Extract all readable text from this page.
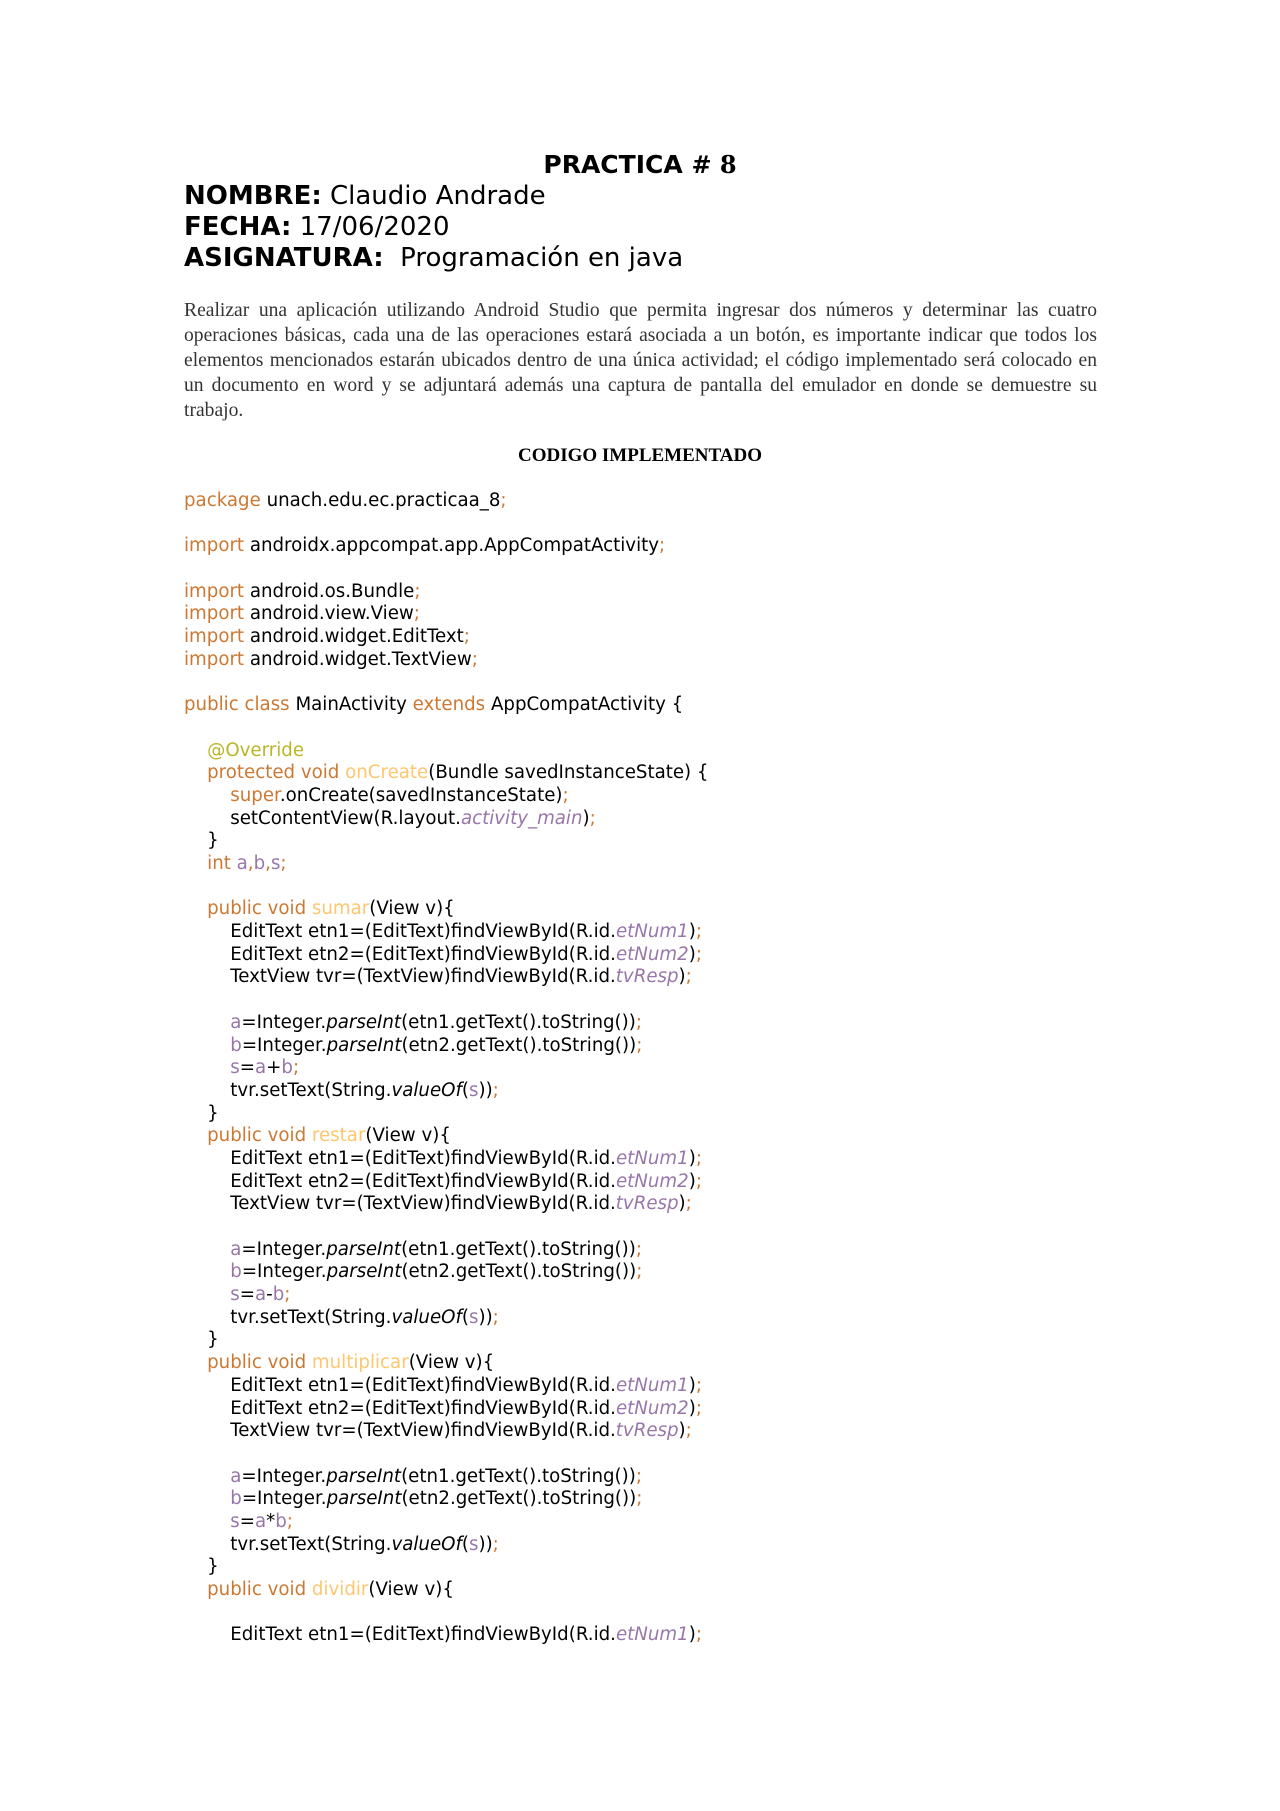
PRACTICA # 8
NOMBRE: Claudio Andrade
FECHA: 17/06/2020
ASIGNATURA:  Programación en java
Realizar una aplicación utilizando Android Studio que permita ingresar dos números y determinar las cuatro operaciones básicas, cada una de las operaciones estará asociada a un botón, es importante indicar que todos los elementos mencionados estarán ubicados dentro de una única actividad; el código implementado será colocado en un documento en word y se adjuntará además una captura de pantalla del emulador en donde se demuestre su trabajo.
CODIGO IMPLEMENTADO
package unach.edu.ec.practicaa_8;
import androidx.appcompat.app.AppCompatActivity;
import android.os.Bundle;
import android.view.View;
import android.widget.EditText;
import android.widget.TextView;
public class MainActivity extends AppCompatActivity {
@Override
protected void onCreate(Bundle savedInstanceState) {
super.onCreate(savedInstanceState);
setContentView(R.layout.activity_main);
}
int a,b,s;
public void sumar(View v){
EditText etn1=(EditText)findViewById(R.id.etNum1);
EditText etn2=(EditText)findViewById(R.id.etNum2);
TextView tvr=(TextView)findViewById(R.id.tvResp);
a=Integer.parseInt(etn1.getText().toString());
b=Integer.parseInt(etn2.getText().toString());
s=a+b;
tvr.setText(String.valueOf(s));
}
public void restar(View v){
EditText etn1=(EditText)findViewById(R.id.etNum1);
EditText etn2=(EditText)findViewById(R.id.etNum2);
TextView tvr=(TextView)findViewById(R.id.tvResp);
a=Integer.parseInt(etn1.getText().toString());
b=Integer.parseInt(etn2.getText().toString());
s=a-b;
tvr.setText(String.valueOf(s));
}
public void multiplicar(View v){
EditText etn1=(EditText)findViewById(R.id.etNum1);
EditText etn2=(EditText)findViewById(R.id.etNum2);
TextView tvr=(TextView)findViewById(R.id.tvResp);
a=Integer.parseInt(etn1.getText().toString());
b=Integer.parseInt(etn2.getText().toString());
s=a*b;
tvr.setText(String.valueOf(s));
}
public void dividir(View v){
EditText etn1=(EditText)findViewById(R.id.etNum1);
